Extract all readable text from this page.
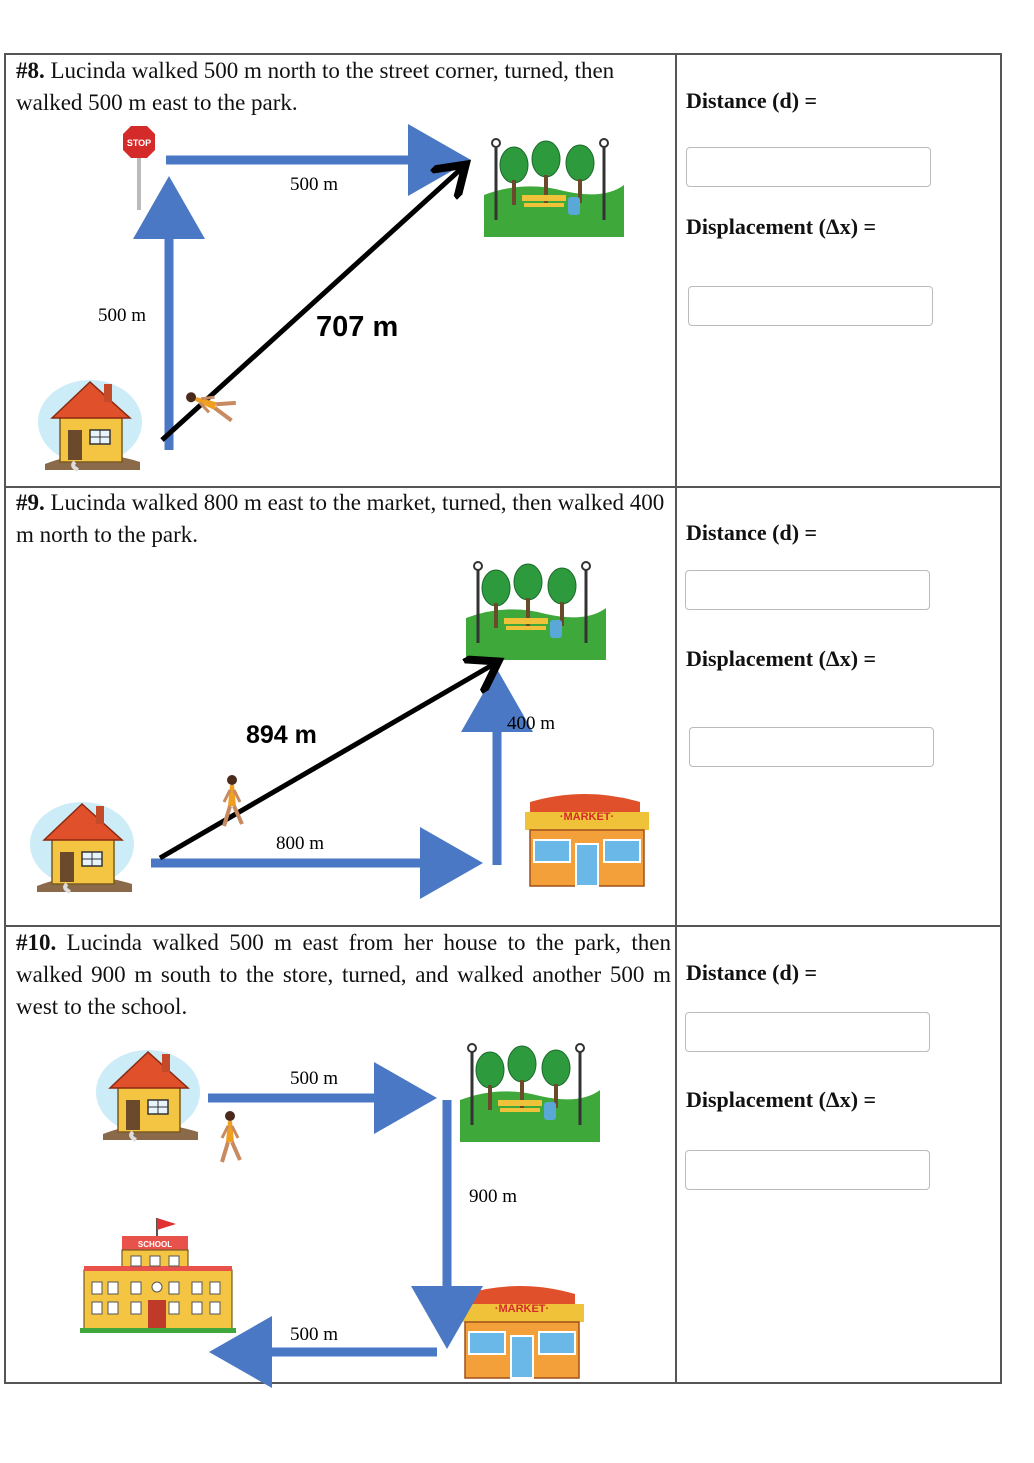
#8. Lucinda walked 500 m north to the street corner, turned, then walked 500 m east to the park.
#9. Lucinda walked 800 m east to the market, turned, then walked 400 m north to the park.
#10. Lucinda walked 500 m east from her house to the park, then walked 900 m south to the store, turned, and walked another 500 m west to the school.
Distance (d) =
Displacement (Δx) =
Distance (d) =
Displacement (Δx) =
Distance (d) =
Displacement (Δx) =
STOP
500 m
500 m	707 m
·MARKET·
800 m
400 m
894 m
SCHOOL
·MARKET·
500 m
900 m
500 m
